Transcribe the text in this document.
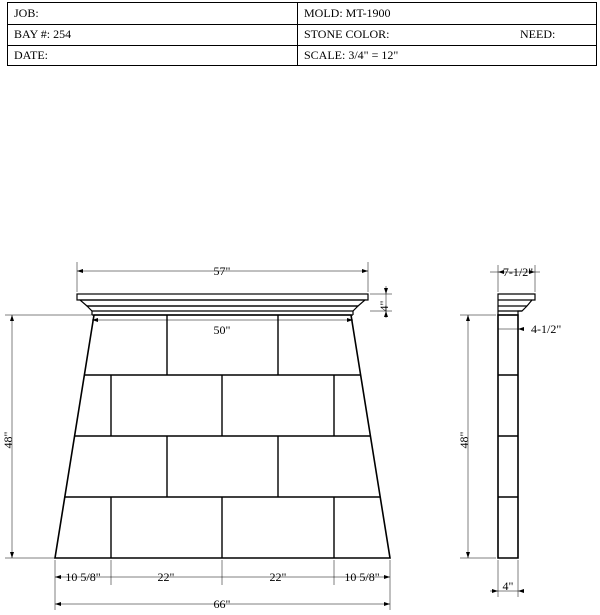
JOB:	MOLD: MT-1900
BAY #: 254	STONE COLOR:	NEED:
DATE:	SCALE: 3/4" = 12"
57"
50"
4"
48"
10 5/8"	22"	22"	10 5/8"
66"
7-1/2"
4-1/2"
48"
4"
